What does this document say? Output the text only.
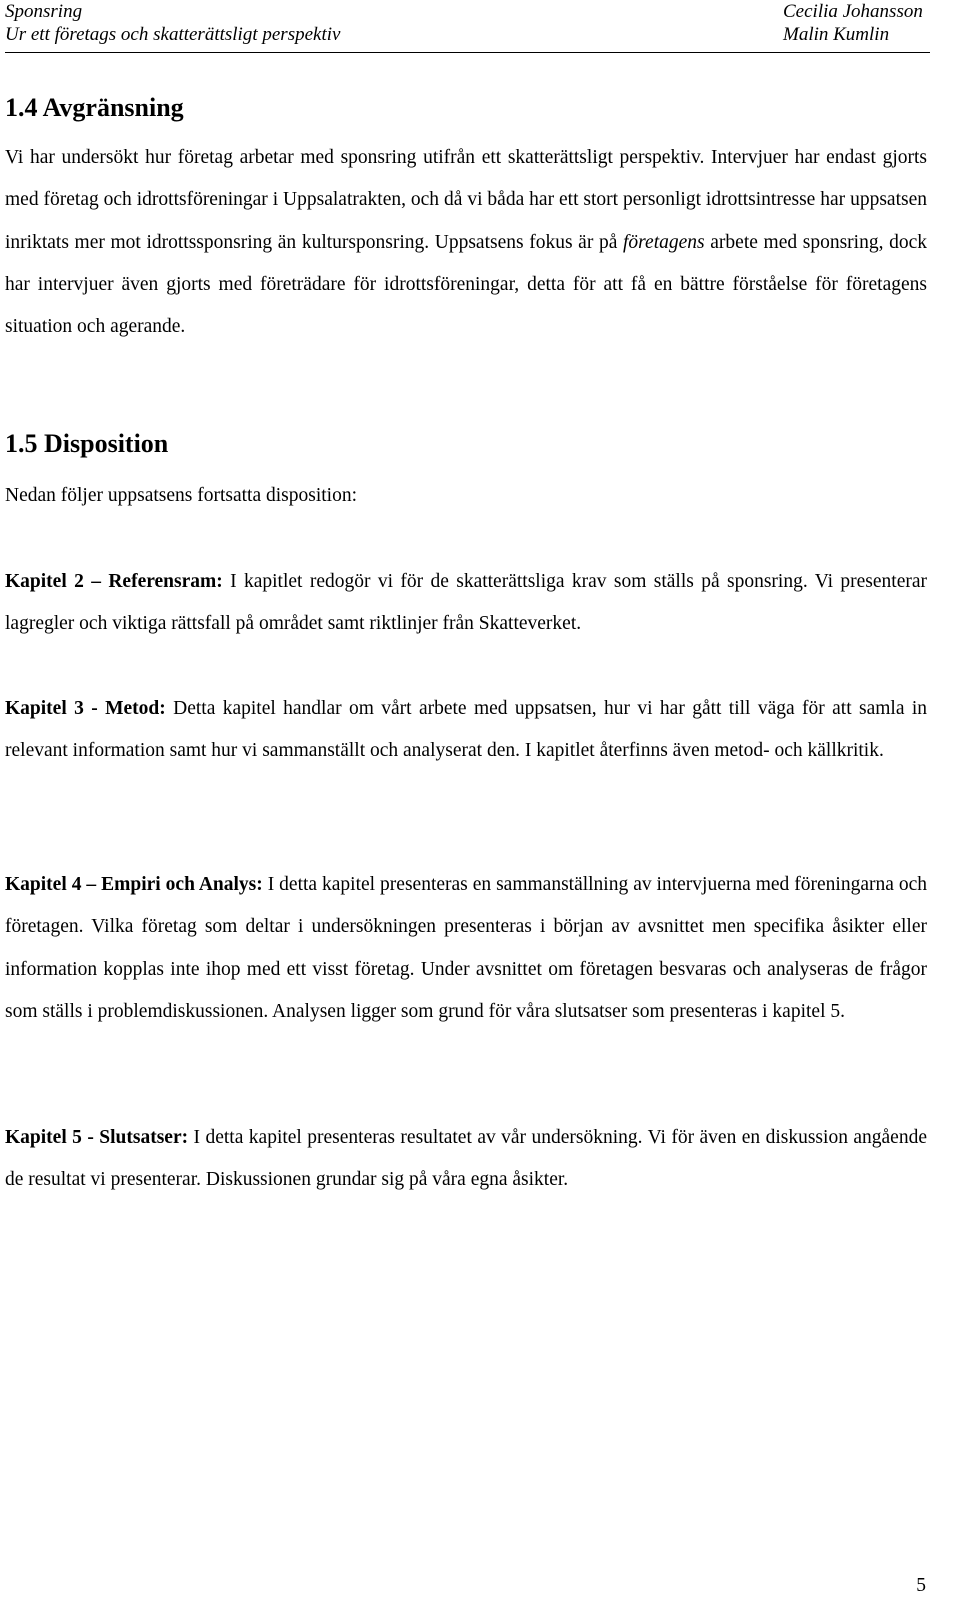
Sponsring
Ur ett företags och skatterättsligt perspektiv
Cecilia Johansson
Malin Kumlin
1.4 Avgränsning

Vi har undersökt hur företag arbetar med sponsring utifrån ett skatterättsligt perspektiv. Intervjuer har endast gjorts med företag och idrottsföreningar i Uppsalatrakten, och då vi båda har ett stort personligt idrottsintresse har uppsatsen inriktats mer mot idrottssponsring än kultursponsring. Uppsatsens fokus är på företagens arbete med sponsring, dock har intervjuer även gjorts med företrädare för idrottsföreningar, detta för att få en bättre förståelse för företagens situation och agerande.

1.5 Disposition

Nedan följer uppsatsens fortsatta disposition:

Kapitel 2 – Referensram: I kapitlet redogör vi för de skatterättsliga krav som ställs på sponsring. Vi presenterar lagregler och viktiga rättsfall på området samt riktlinjer från Skatteverket.

Kapitel 3 - Metod: Detta kapitel handlar om vårt arbete med uppsatsen, hur vi har gått till väga för att samla in relevant information samt hur vi sammanställt och analyserat den. I kapitlet återfinns även metod- och källkritik.

Kapitel 4 – Empiri och Analys: I detta kapitel presenteras en sammanställning av intervjuerna med föreningarna och företagen. Vilka företag som deltar i undersökningen presenteras i början av avsnittet men specifika åsikter eller information kopplas inte ihop med ett visst företag. Under avsnittet om företagen besvaras och analyseras de frågor som ställs i problemdiskussionen. Analysen ligger som grund för våra slutsatser som presenteras i kapitel 5.

Kapitel 5 - Slutsatser: I detta kapitel presenteras resultatet av vår undersökning. Vi för även en diskussion angående de resultat vi presenterar. Diskussionen grundar sig på våra egna åsikter.

5
